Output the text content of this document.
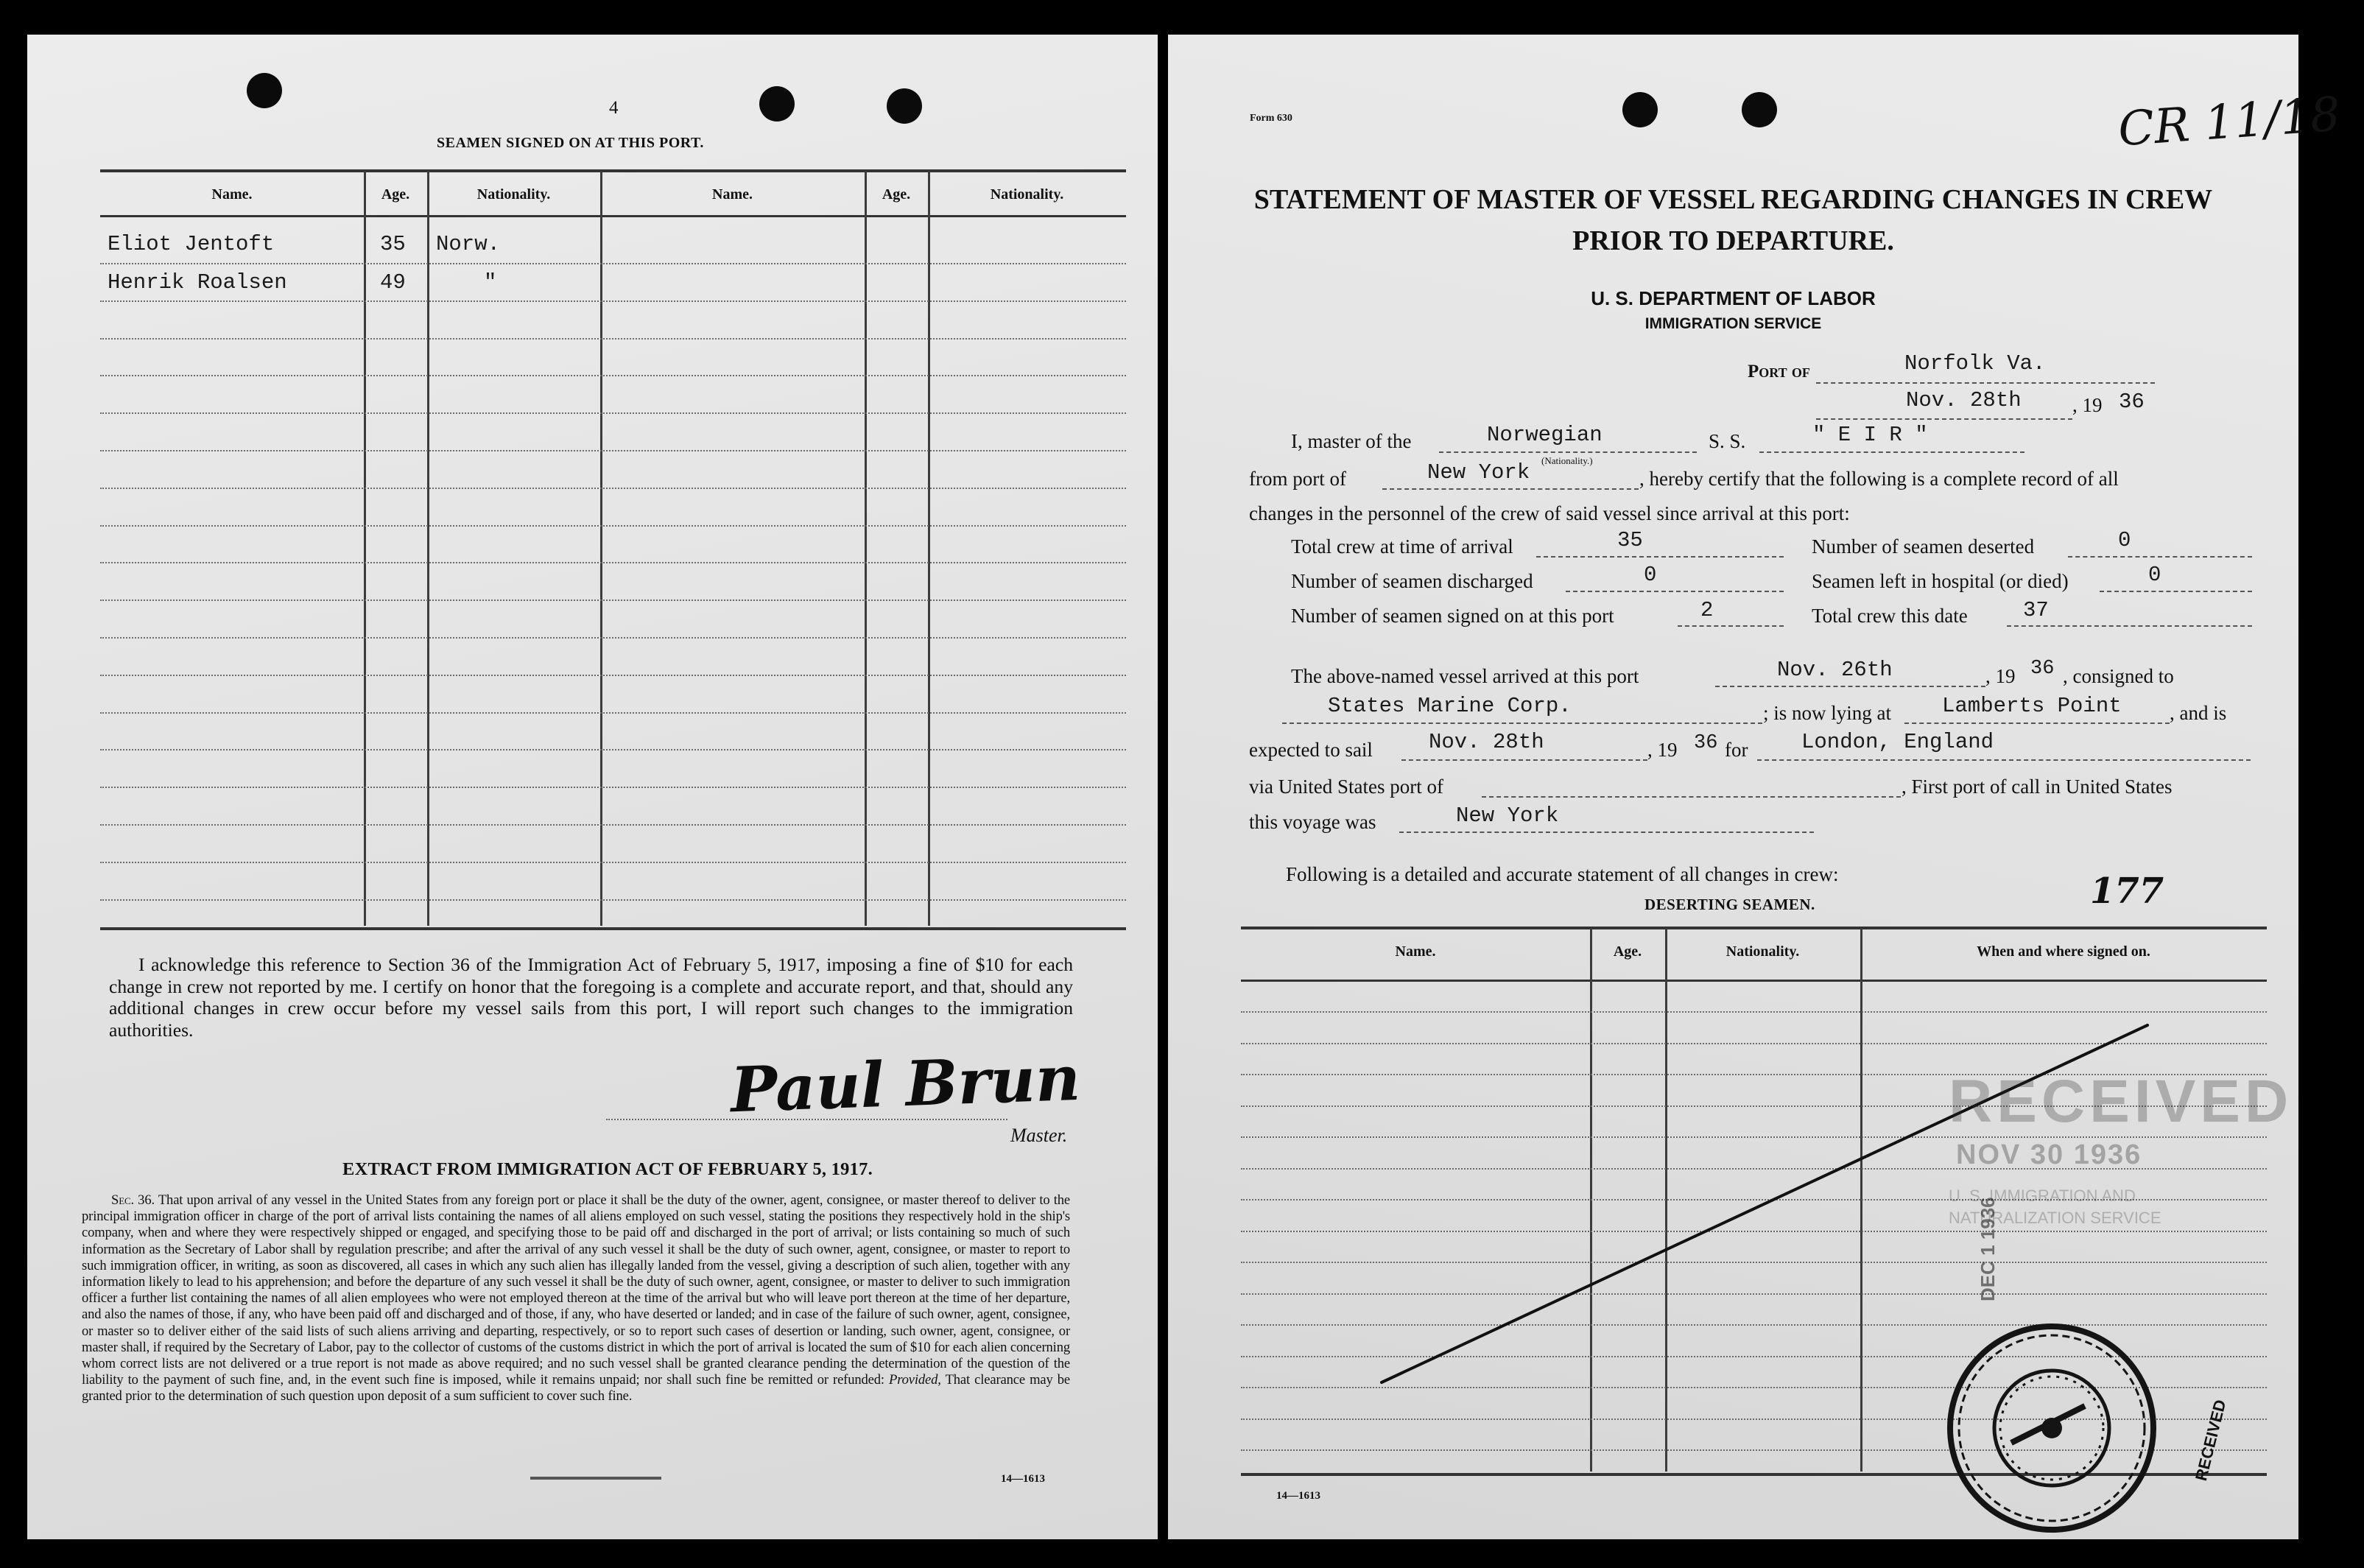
4
SEAMEN SIGNED ON AT THIS PORT.
Name.	Age.	Nationality.	Name.	Age.	Nationality.
Eliot Jentoft	35 Norw.
Henrik Roalsen	49	"
I acknowledge this reference to Section 36 of the Immigration Act of February 5, 1917, imposing a fine of $10 for each change in crew not reported by me. I certify on honor that the foregoing is a complete and accurate report, and that, should any additional changes in crew occur before my vessel sails from this port, I will report such changes to the immigration authorities.
Paul Brun
Master.
EXTRACT FROM IMMIGRATION ACT OF FEBRUARY 5, 1917.
Sec. 36. That upon arrival of any vessel in the United States from any foreign port or place it shall be the duty of the owner, agent, consignee, or master thereof to deliver to the principal immigration officer in charge of the port of arrival lists containing the names of all aliens employed on such vessel, stating the positions they respectively hold in the ship's company, when and where they were respectively shipped or engaged, and specifying those to be paid off and discharged in the port of arrival; or lists containing so much of such information as the Secretary of Labor shall by regulation prescribe; and after the arrival of any such vessel it shall be the duty of such owner, agent, consignee, or master to report to such immigration officer, in writing, as soon as discovered, all cases in which any such alien has illegally landed from the vessel, giving a description of such alien, together with any information likely to lead to his apprehension; and before the departure of any such vessel it shall be the duty of such owner, agent, consignee, or master to deliver to such immigration officer a further list containing the names of all alien employees who were not employed thereon at the time of the arrival but who will leave port thereon at the time of her departure, and also the names of those, if any, who have been paid off and discharged and of those, if any, who have deserted or landed; and in case of the failure of such owner, agent, consignee, or master so to deliver either of the said lists of such aliens arriving and departing, respectively, or so to report such cases of desertion or landing, such owner, agent, consignee, or master shall, if required by the Secretary of Labor, pay to the collector of customs of the customs district in which the port of arrival is located the sum of $10 for each alien concerning whom correct lists are not delivered or a true report is not made as above required; and no such vessel shall be granted clearance pending the determination of the question of the liability to the payment of such fine, and, in the event such fine is imposed, while it remains unpaid; nor shall such fine be remitted or refunded: Provided, That clearance may be granted prior to the determination of such question upon deposit of a sum sufficient to cover such fine.
14—1613
Form 630	CR 11/18
STATEMENT OF MASTER OF VESSEL REGARDING CHANGES IN CREW
PRIOR TO DEPARTURE.
U. S. DEPARTMENT OF LABOR
IMMIGRATION SERVICE
Port of	Norfolk Va.
Nov. 28th	, 19 36
I, master of the	Norwegian
(Nationality.)
S. S.	" E I R "
from port of	New York	, hereby certify that the following is a complete record of all
changes in the personnel of the crew of said vessel since arrival at this port:
Total crew at time of arrival	35	Number of seamen deserted	0
Number of seamen discharged	0	Seamen left in hospital (or died)	0
Number of seamen signed on at this port	2	Total crew this date	37
The above-named vessel arrived at this port	Nov. 26th	, 19 36 , consigned to
States Marine Corp.	; is now lying at Lamberts Point , and is
expected to sail	Nov. 28th	, 19 36 for	London, England
via United States port of	, First port of call in United States
this voyage was	New York
Following is a detailed and accurate statement of all changes in crew:
DESERTING SEAMEN.	177
Name.	Age.	Nationality.	When and where signed on.
RECEIVED
NOV 30 1936
U. S. IMMIGRATION AND
NATURALIZATION SERVICE
DEC 1 1936
RECEIVED
14—1613
